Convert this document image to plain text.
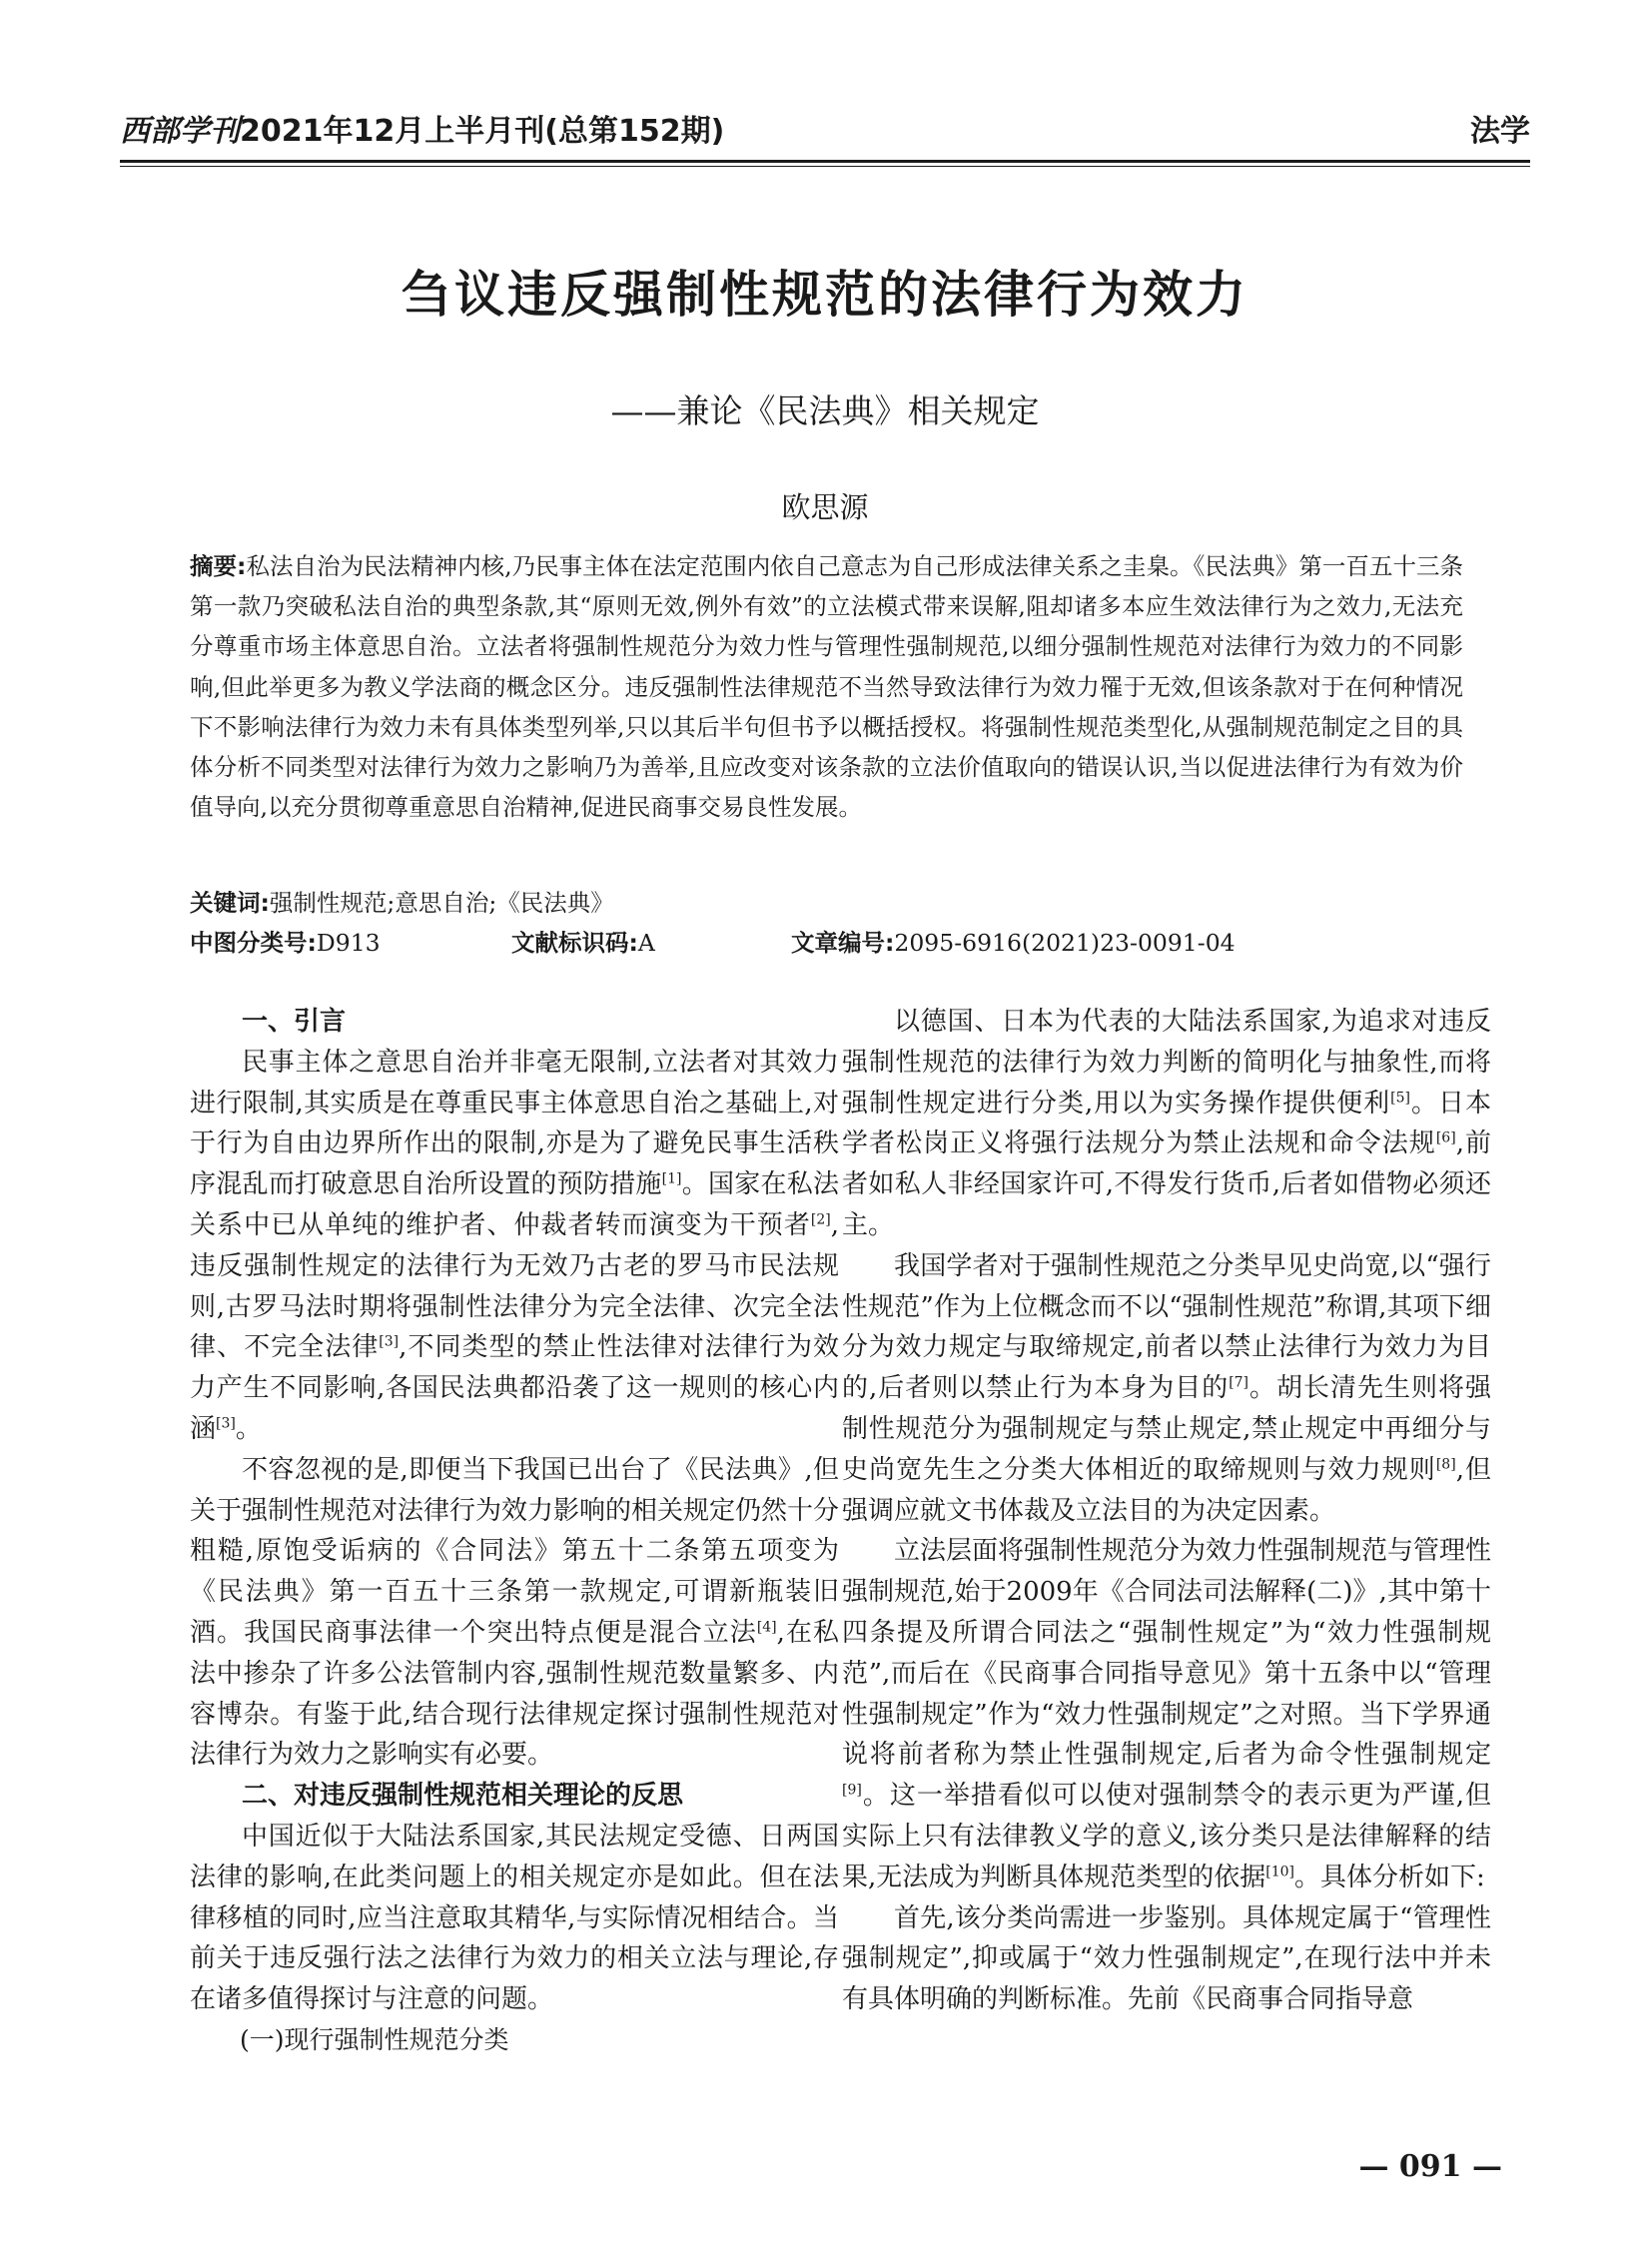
西部学刊2021年12月上半月刊(总第152期)	法学
刍议违反强制性规范的法律行为效力
——兼论《民法典》相关规定
欧思源
摘要:私法自治为民法精神内核,乃民事主体在法定范围内依自己意志为自己形成法律关系之圭臬。《民法典》第一百五十三条第一款乃突破私法自治的典型条款,其“原则无效,例外有效”的立法模式带来误解,阻却诸多本应生效法律行为之效力,无法充分尊重市场主体意思自治。立法者将强制性规范分为效力性与管理性强制规范,以细分强制性规范对法律行为效力的不同影响,但此举更多为教义学法商的概念区分。违反强制性法律规范不当然导致法律行为效力罹于无效,但该条款对于在何种情况下不影响法律行为效力未有具体类型列举,只以其后半句但书予以概括授权。将强制性规范类型化,从强制规范制定之目的具体分析不同类型对法律行为效力之影响乃为善举,且应改变对该条款的立法价值取向的错误认识,当以促进法律行为有效为价值导向,以充分贯彻尊重意思自治精神,促进民商事交易良性发展。
关键词:强制性规范;意思自治;《民法典》
中图分类号:D913	文献标识码:A	文章编号:2095-6916(2021)23-0091-04
一、引言

民事主体之意思自治并非毫无限制,立法者对其效力进行限制,其实质是在尊重民事主体意思自治之基础上,对于行为自由边界所作出的限制,亦是为了避免民事生活秩序混乱而打破意思自治所设置的预防措施[1]。国家在私法关系中已从单纯的维护者、仲裁者转而演变为干预者[2],违反强制性规定的法律行为无效乃古老的罗马市民法规则,古罗马法时期将强制性法律分为完全法律、次完全法律、不完全法律[3],不同类型的禁止性法律对法律行为效力产生不同影响,各国民法典都沿袭了这一规则的核心内涵[3]。

不容忽视的是,即便当下我国已出台了《民法典》,但关于强制性规范对法律行为效力影响的相关规定仍然十分粗糙,原饱受诟病的《合同法》第五十二条第五项变为《民法典》第一百五十三条第一款规定,可谓新瓶装旧酒。我国民商事法律一个突出特点便是混合立法[4],在私法中掺杂了许多公法管制内容,强制性规范数量繁多、内容博杂。有鉴于此,结合现行法律规定探讨强制性规范对法律行为效力之影响实有必要。

二、对违反强制性规范相关理论的反思

中国近似于大陆法系国家,其民法规定受德、日两国法律的影响,在此类问题上的相关规定亦是如此。但在法律移植的同时,应当注意取其精华,与实际情况相结合。当前关于违反强行法之法律行为效力的相关立法与理论,存在诸多值得探讨与注意的问题。

(一)现行强制性规范分类

以德国、日本为代表的大陆法系国家,为追求对违反强制性规范的法律行为效力判断的简明化与抽象性,而将强制性规定进行分类,用以为实务操作提供便利[5]。日本学者松岗正义将强行法规分为禁止法规和命令法规[6],前者如私人非经国家许可,不得发行货币,后者如借物必须还主。

我国学者对于强制性规范之分类早见史尚宽,以“强行性规范”作为上位概念而不以“强制性规范”称谓,其项下细分为效力规定与取缔规定,前者以禁止法律行为效力为目的,后者则以禁止行为本身为目的[7]。胡长清先生则将强制性规范分为强制规定与禁止规定,禁止规定中再细分与史尚宽先生之分类大体相近的取缔规则与效力规则[8],但强调应就文书体裁及立法目的为决定因素。

立法层面将强制性规范分为效力性强制规范与管理性强制规范,始于2009年《合同法司法解释(二)》,其中第十四条提及所谓合同法之“强制性规定”为“效力性强制规范”,而后在《民商事合同指导意见》第十五条中以“管理性强制规定”作为“效力性强制规定”之对照。当下学界通说将前者称为禁止性强制规定,后者为命令性强制规定[9]。这一举措看似可以使对强制禁令的表示更为严谨,但实际上只有法律教义学的意义,该分类只是法律解释的结果,无法成为判断具体规范类型的依据[10]。具体分析如下:

首先,该分类尚需进一步鉴别。具体规定属于“管理性强制规定”,抑或属于“效力性强制规定”,在现行法中并未有具体明确的判断标准。先前《民商事合同指导意

— 091 —
